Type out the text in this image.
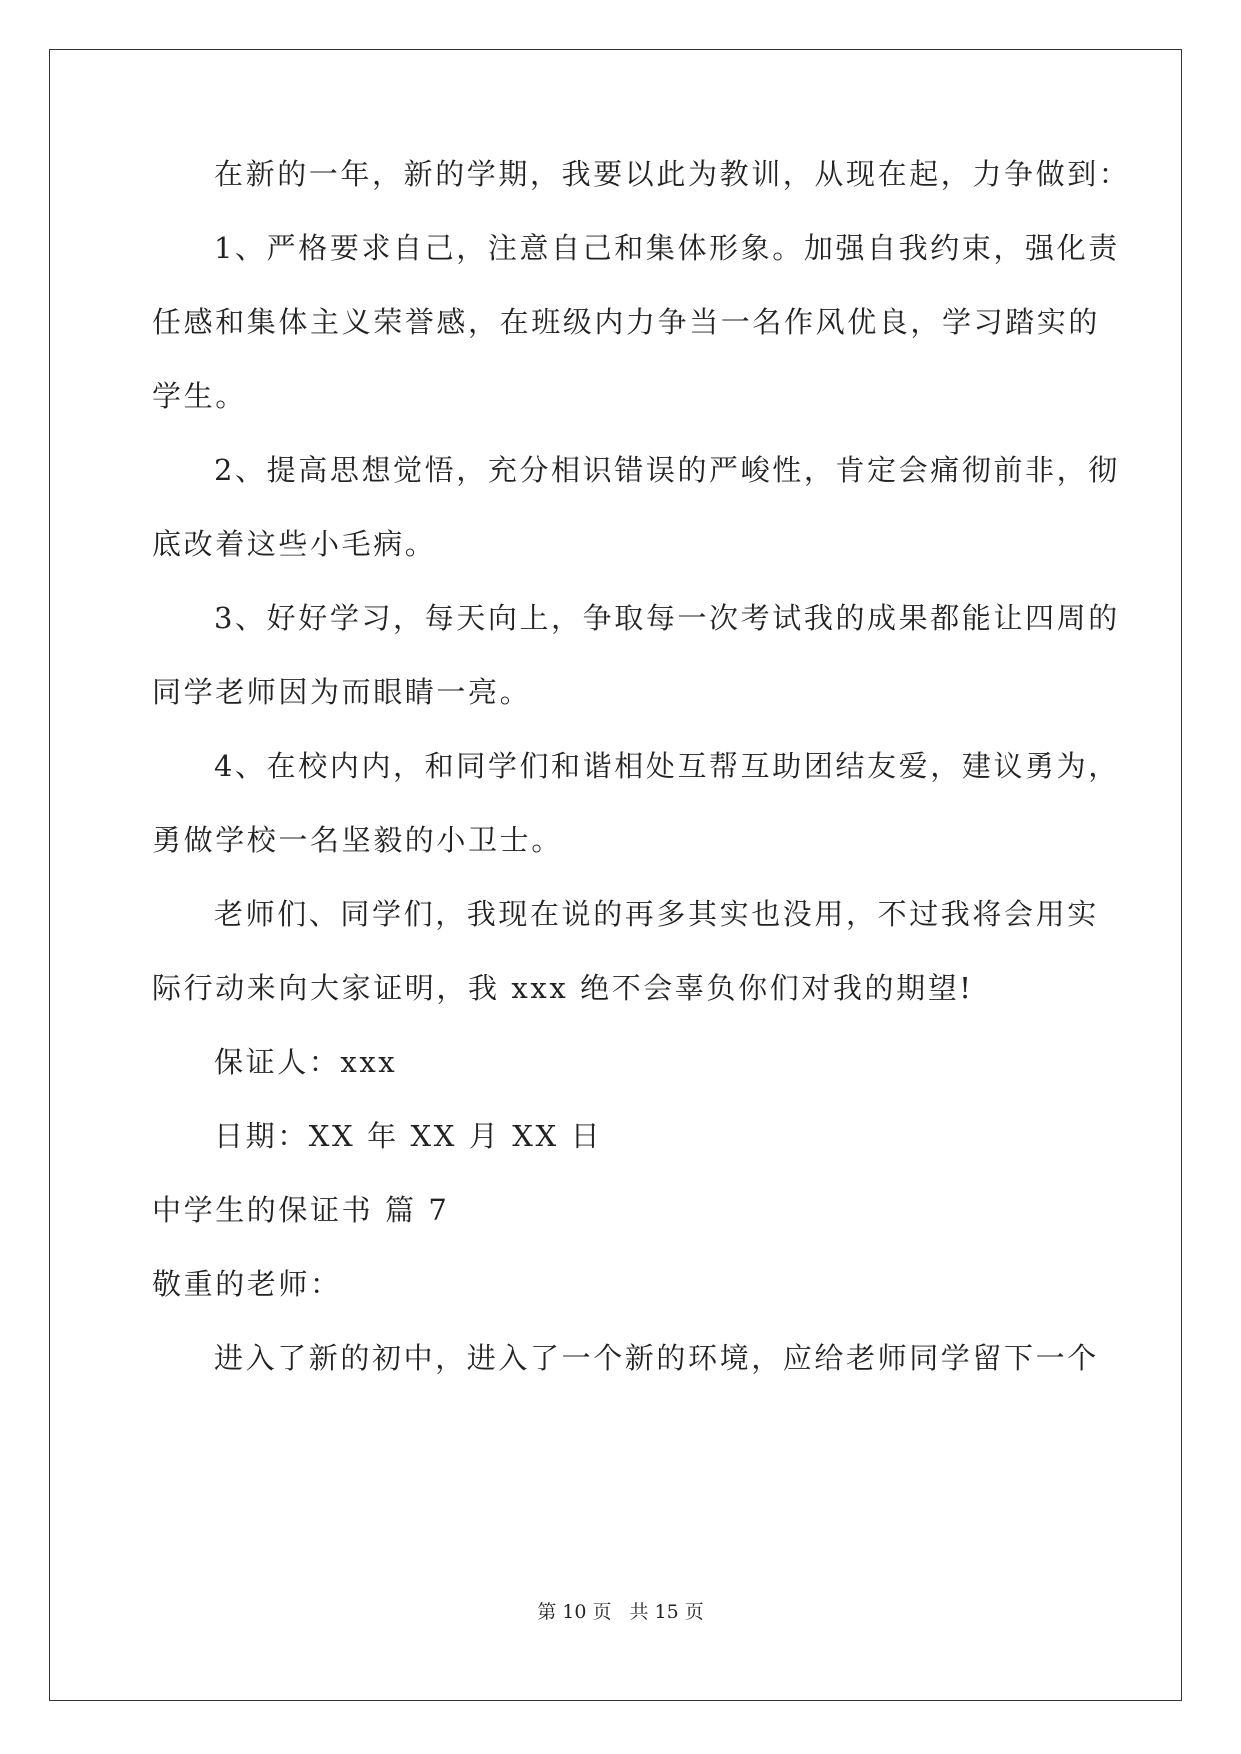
在新的一年，新的学期，我要以此为教训，从现在起，力争做到：
1、严格要求自己，注意自己和集体形象。加强自我约束，强化责
任感和集体主义荣誉感，在班级内力争当一名作风优良，学习踏实的
学生。
2、提高思想觉悟，充分相识错误的严峻性，肯定会痛彻前非，彻
底改着这些小毛病。
3、好好学习，每天向上，争取每一次考试我的成果都能让四周的
同学老师因为而眼睛一亮。
4、在校内内，和同学们和谐相处互帮互助团结友爱，建议勇为，
勇做学校一名坚毅的小卫士。
老师们、同学们，我现在说的再多其实也没用，不过我将会用实
际行动来向大家证明，我 xxx 绝不会辜负你们对我的期望!
保证人：xxx
日期：XX 年 XX 月 XX 日
中学生的保证书 篇 7
敬重的老师：
进入了新的初中，进入了一个新的环境，应给老师同学留下一个
第 10 页 共 15 页
